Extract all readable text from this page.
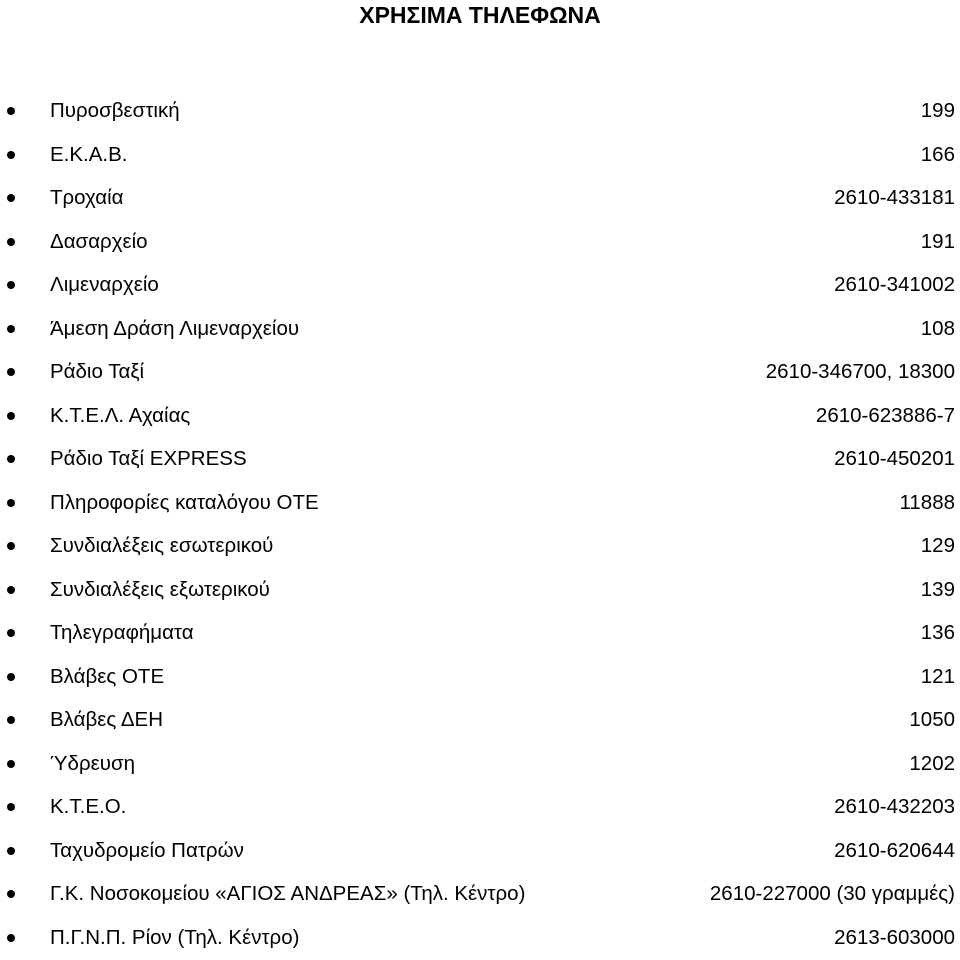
ΧΡΗΣΙΜΑ ΤΗΛΕΦΩΝΑ
Πυροσβεστική	199
Ε.Κ.Α.Β.	166
Τροχαία	2610-433181
Δασαρχείο	191
Λιμεναρχείο	2610-341002
Άμεση Δράση Λιμεναρχείου	108
Ράδιο Ταξί	2610-346700, 18300
Κ.Τ.Ε.Λ. Αχαίας	2610-623886-7
Ράδιο Ταξί EXPRESS	2610-450201
Πληροφορίες καταλόγου ΟΤΕ	11888
Συνδιαλέξεις εσωτερικού	129
Συνδιαλέξεις εξωτερικού	139
Τηλεγραφήματα	136
Βλάβες ΟΤΕ	121
Βλάβες ΔΕΗ	1050
Ύδρευση	1202
Κ.Τ.Ε.Ο.	2610-432203
Ταχυδρομείο Πατρών	2610-620644
Γ.Κ. Νοσοκομείου «ΑΓΙΟΣ ΑΝΔΡΕΑΣ» (Τηλ. Κέντρο)	2610-227000 (30 γραμμές)
Π.Γ.Ν.Π. Ρίον (Τηλ. Κέντρο)	2613-603000
